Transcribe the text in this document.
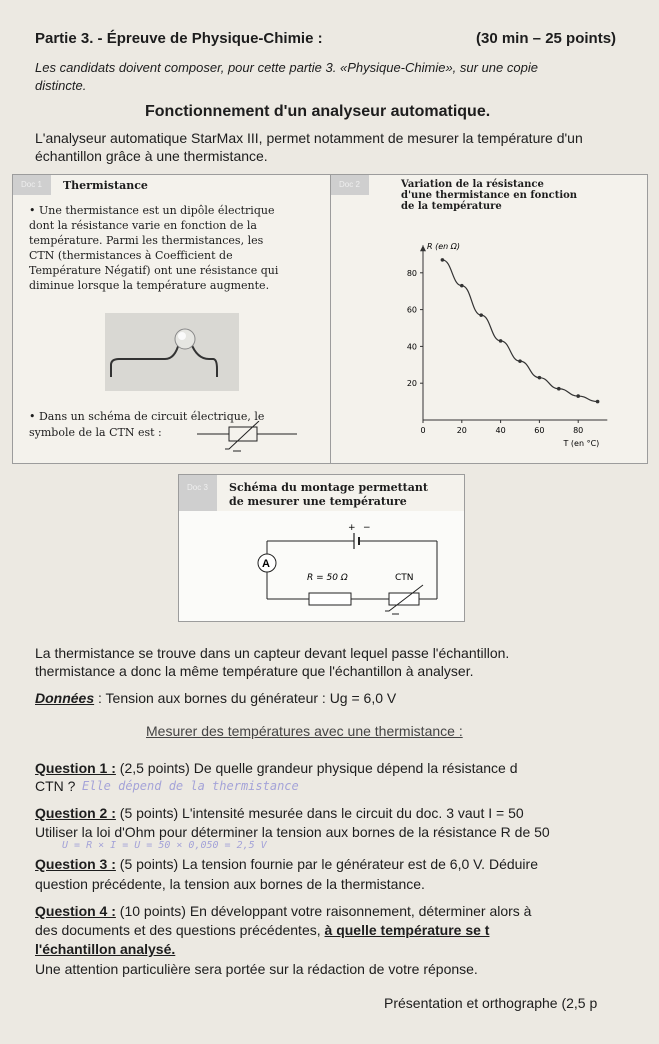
Partie 3. - Épreuve de Physique-Chimie :	(30 min – 25 points)
Les candidats doivent composer, pour cette partie 3. «Physique-Chimie», sur une copie
distincte.
Fonctionnement d'un analyseur automatique.
L'analyseur automatique StarMax III, permet notamment de mesurer la température d'un
échantillon grâce à une thermistance.
Doc 1 Thermistance
• Une thermistance est un dipôle électrique
dont la résistance varie en fonction de la
température. Parmi les thermistances, les
CTN (thermistances à Coefficient de
Température Négatif) ont une résistance qui
diminue lorsque la température augmente.
• Dans un schéma de circuit électrique, le
symbole de la CTN est :
Doc 2	Variation de la résistance
d'une thermistance en fonction
de la température
80
60
40
20
0	20	40	60	80
R (en Ω)
T (en °C)
Doc 3 Schéma du montage permettant
de mesurer une température
+ −
A
R = 50 Ω	CTN
La thermistance se trouve dans un capteur devant lequel passe l'échantillon.
thermistance a donc la même température que l'échantillon à analyser.
Données : Tension aux bornes du générateur : Ug = 6,0 V
Mesurer des températures avec une thermistance :
Question 1 : (2,5 points) De quelle grandeur physique dépend la résistance d
CTN ? Elle dépend de la thermistance
Question 2 : (5 points) L'intensité mesurée dans le circuit du doc. 3 vaut I = 50
Utiliser la loi d'Ohm pour déterminer la tension aux bornes de la résistance R de 50
U = R × I = U = 50 × 0,050 = 2,5 V
Question 3 : (5 points) La tension fournie par le générateur est de 6,0 V. Déduire
question précédente, la tension aux bornes de la thermistance.
Question 4 : (10 points) En développant votre raisonnement, déterminer alors à
des documents et des questions précédentes, à quelle température se t
l'échantillon analysé.
Une attention particulière sera portée sur la rédaction de votre réponse.
Présentation et orthographe (2,5 p
